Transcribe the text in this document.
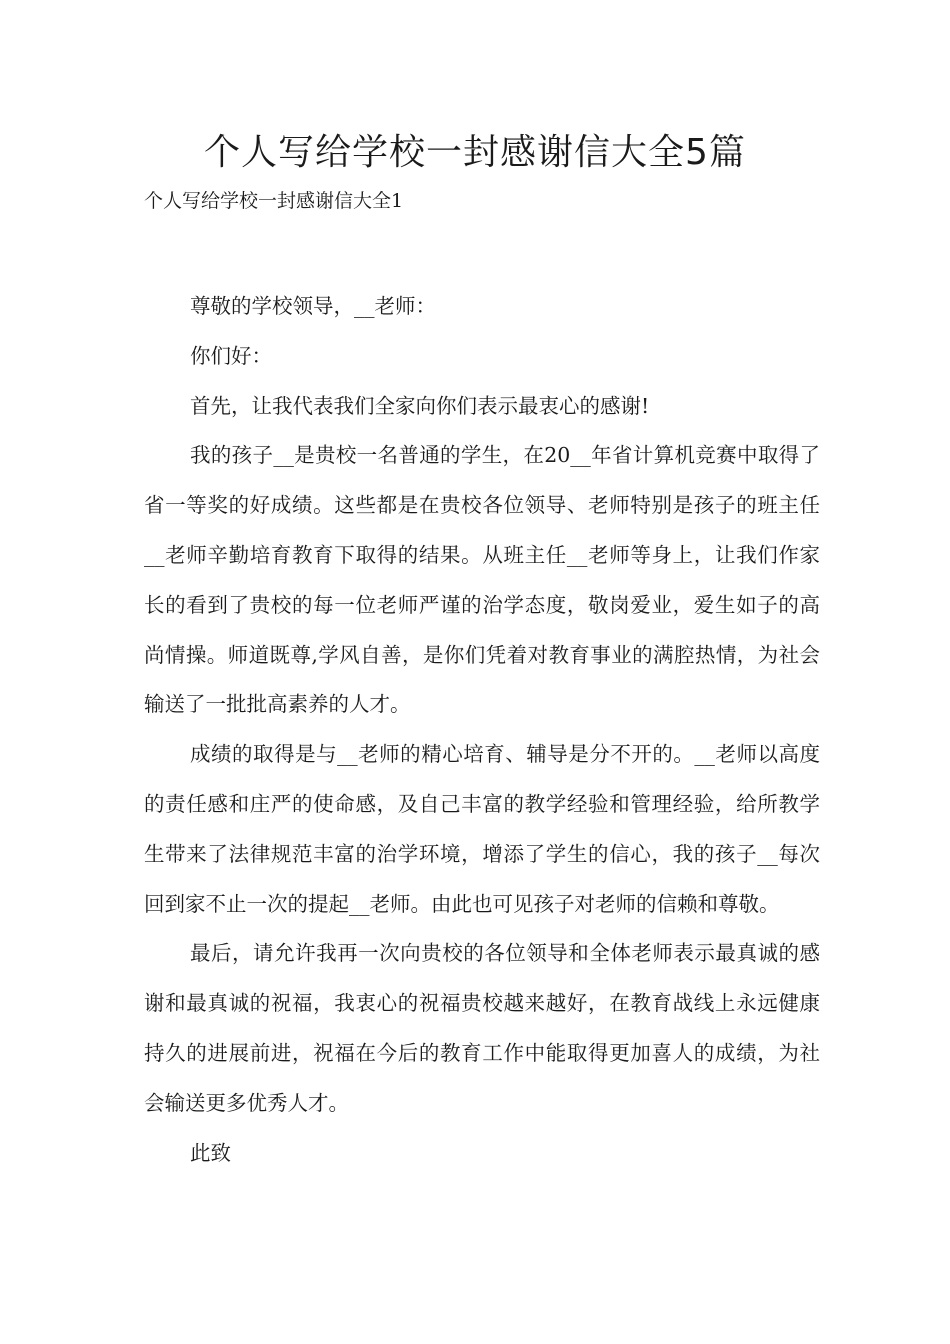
个人写给学校一封感谢信大全5篇

个人写给学校一封感谢信大全1

尊敬的学校领导，__老师：

你们好：

首先，让我代表我们全家向你们表示最衷心的感谢!

我的孩子__是贵校一名普通的学生，在20__年省计算机竞赛中取得了省一等奖的好成绩。这些都是在贵校各位领导、老师特别是孩子的班主任__老师辛勤培育教育下取得的结果。从班主任__老师等身上，让我们作家长的看到了贵校的每一位老师严谨的治学态度，敬岗爱业，爱生如子的高尚情操。师道既尊,学风自善，是你们凭着对教育事业的满腔热情，为社会输送了一批批高素养的人才。

成绩的取得是与__老师的精心培育、辅导是分不开的。__老师以高度的责任感和庄严的使命感，及自己丰富的教学经验和管理经验，给所教学生带来了法律规范丰富的治学环境，增添了学生的信心，我的孩子__每次回到家不止一次的提起__老师。由此也可见孩子对老师的信赖和尊敬。

最后，请允许我再一次向贵校的各位领导和全体老师表示最真诚的感谢和最真诚的祝福，我衷心的祝福贵校越来越好，在教育战线上永远健康持久的进展前进，祝福在今后的教育工作中能取得更加喜人的成绩，为社会输送更多优秀人才。

此致
